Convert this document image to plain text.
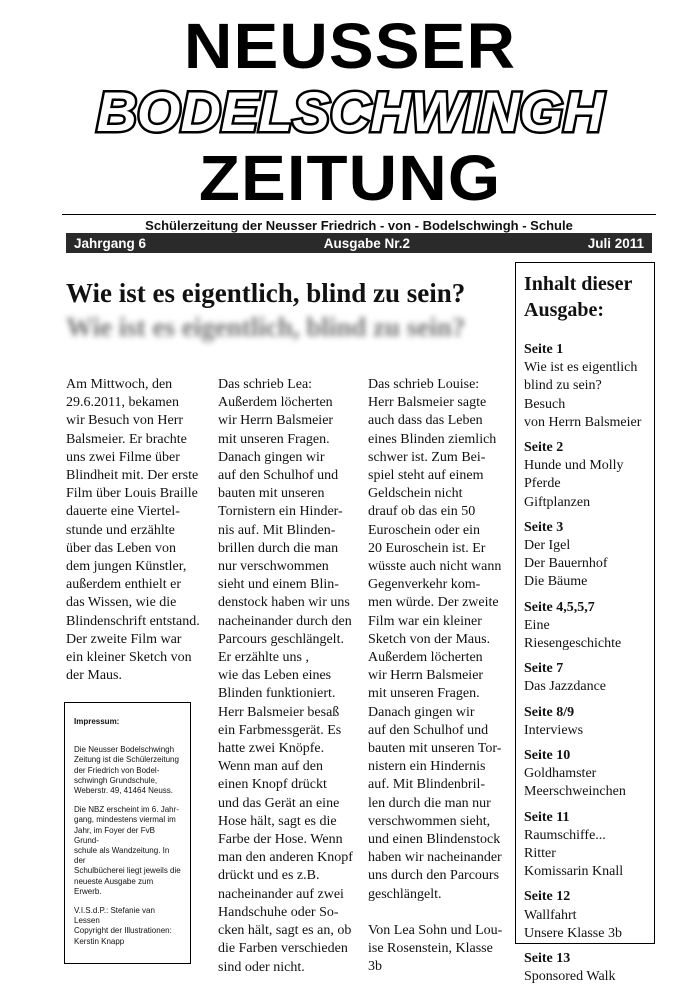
NEUSSER
BODELSCHWINGH
ZEITUNG
Schülerzeitung der Neusser Friedrich - von - Bodelschwingh - Schule
Jahrgang 6	Ausgabe Nr.2	Juli 2011
Wie ist es eigentlich, blind zu sein?
Wie ist es eigentlich, blind zu sein?

Am Mittwoch, den
29.6.2011, bekamen
wir Besuch von Herr
Balsmeier. Er brachte
uns zwei Filme über
Blindheit mit. Der erste
Film über Louis Braille
dauerte eine Viertel-
stunde und erzählte
über das Leben von
dem jungen Künstler,
außerdem enthielt er
das Wissen, wie die
Blindenschrift entstand.
Der zweite Film war
ein kleiner Sketch von
der Maus.

Das schrieb Lea:
Außerdem löcherten
wir Herrn Balsmeier
mit unseren Fragen.
Danach gingen wir
auf den Schulhof und
bauten mit unseren
Tornistern ein Hinder-
nis auf. Mit Blinden-
brillen durch die man
nur verschwommen
sieht und einem Blin-
denstock haben wir uns
nacheinander durch den
Parcours geschlängelt.
Er erzählte uns ,
wie das Leben eines
Blinden funktioniert.
Herr Balsmeier besaß
ein Farbmessgerät. Es
hatte zwei Knöpfe.
Wenn man auf den
einen Knopf drückt
und das Gerät an eine
Hose hält, sagt es die
Farbe der Hose. Wenn
man den anderen Knopf
drückt und es z.B.
nacheinander auf zwei
Handschuhe oder So-
cken hält, sagt es an, ob
die Farben verschieden
sind oder nicht.

Das schrieb Louise:
Herr Balsmeier sagte
auch dass das Leben
eines Blinden ziemlich
schwer ist. Zum Bei-
spiel steht auf einem
Geldschein nicht
drauf ob das ein 50
Euroschein oder ein
20 Euroschein ist. Er
wüsste auch nicht wann
Gegenverkehr kom-
men würde. Der zweite
Film war ein kleiner
Sketch von der Maus.
Außerdem löcherten
wir Herrn Balsmeier
mit unseren Fragen.
Danach gingen wir
auf den Schulhof und
bauten mit unseren Tor-
nistern ein Hindernis
auf. Mit Blindenbril-
len durch die man nur
verschwommen sieht,
und einen Blindenstock
haben wir nacheinander
uns durch den Parcours
geschlängelt.

Von Lea Sohn und Lou-
ise Rosenstein, Klasse
3b

Impressum:

Die Neusser Bodelschwingh
Zeitung ist die Schülerzeitung
der Friedrich von Bodel-
schwingh Grundschule,
Weberstr. 49, 41464 Neuss.

Die NBZ erscheint im 6. Jahr-
gang, mindestens viermal im
Jahr, im Foyer der FvB Grund-
schule als Wandzeitung. In der
Schulbücherei liegt jeweils die
neueste Ausgabe zum Erwerb.

V.I.S.d.P.: Stefanie van Lessen
Copyright der Illustrationen:
Kerstin Knapp

Inhalt dieser Ausgabe:
Seite 1
Wie ist es eigentlich
blind zu sein? Besuch
von Herrn Balsmeier
Seite 2
Hunde und Molly
Pferde
Giftplanzen
Seite 3
Der Igel
Der Bauernhof
Die Bäume
Seite 4,5,5,7
Eine Riesengeschichte
Seite 7
Das Jazzdance
Seite 8/9
Interviews
Seite 10
Goldhamster
Meerschweinchen
Seite 11
Raumschiffe...
Ritter
Komissarin Knall
Seite 12
Wallfahrt
Unsere Klasse 3b
Seite 13
Sponsored Walk
